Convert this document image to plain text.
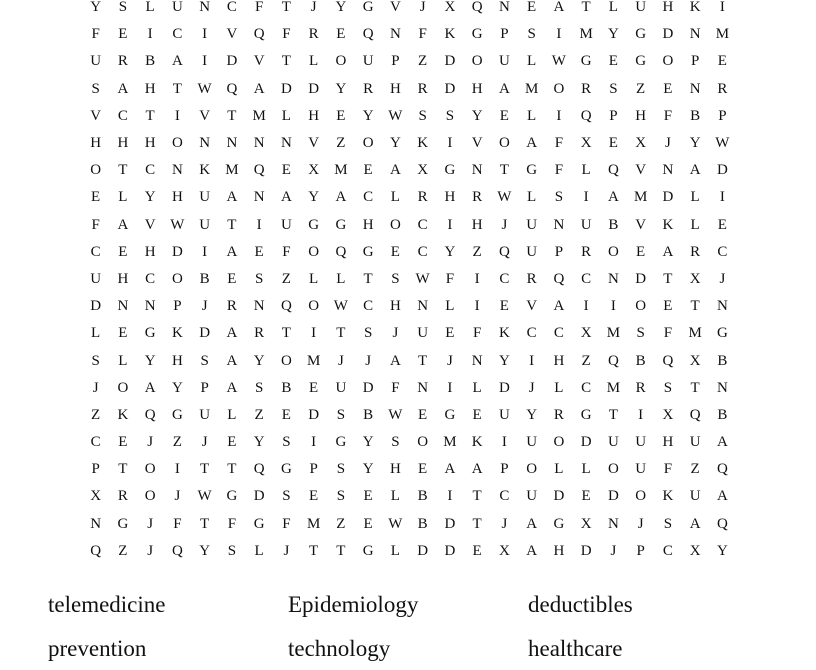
Y	S	L	U	N	C	F	T	J	Y	G	V	J	X	Q	N	E	A	T	L	U	H	K	I
F	E	I	C	I	V	Q	F	R	E	Q	N	F	K	G	P	S	I	M	Y	G	D	N	M
U	R	B	A	I	D	V	T	L	O	U	P	Z	D	O	U	L	W G	E	G	O	P	E
S	A	H	T	W Q	A	D	D	Y	R	H	R	D	H	A	M	O	R	S	Z	E	N	R
V	C	T	I	V	T	M	L	H	E	Y W	S	S	Y	E	L	I	Q	P	H	F	B	P
H	H	H	O	N	N	N	N	V	Z	O	Y	K	I	V	O	A	F	X	E	X	J	Y W
O	T	C	N	K	M	Q	E	X	M	E	A	X	G	N	T	G	F	L	Q	V	N	A	D
E	L	Y	H	U	A	N	A	Y	A	C	L	R	H	R	W	L	S	I	A	M	D	L	I
F	A	V W U	T	I	U	G	G	H	O	C	I	H	J	U	N	U	B	V	K	L	E
C	E	H	D	I	A	E	F	O	Q	G	E	C	Y	Z	Q	U	P	R	O	E	A	R	C
U	H	C	O	B	E	S	Z	L	L	T	S	W	F	I	C	R	Q	C	N	D	T	X	J
D	N	N	P	J	R	N	Q	O W	C	H	N	L	I	E	V	A	I	I	O	E	T	N
L	E	G	K	D	A	R	T	I	T	S	J	U	E	F	K	C	C	X	M	S	F	M	G
S	L	Y	H	S	A	Y	O	M	J	J	A	T	J	N	Y	I	H	Z	Q	B	Q	X	B
J	O	A	Y	P	A	S	B	E	U	D	F	N	I	L	D	J	L	C	M	R	S	T	N
Z	K	Q	G	U	L	Z	E	D	S	B	W	E	G	E	U	Y	R	G	T	I	X	Q	B
C	E	J	Z	J	E	Y	S	I	G	Y	S	O	M	K	I	U	O	D	U	U	H	U	A
P	T	O	I	T	T	Q	G	P	S	Y	H	E	A	A	P	O	L	L	O	U	F	Z	Q
X	R	O	J	W G	D	S	E	S	E	L	B	I	T	C	U	D	E	D	O	K	U	A
N	G	J	F	T	F	G	F	M	Z	E	W	B	D	T	J	A	G	X	N	J	S	A	Q
Q	Z	J	Q	Y	S	L	J	T	T	G	L	D	D	E	X	A	H	D	J	P	C	X	Y
telemedicine	Epidemiology	deductibles
prevention	technology	healthcare
